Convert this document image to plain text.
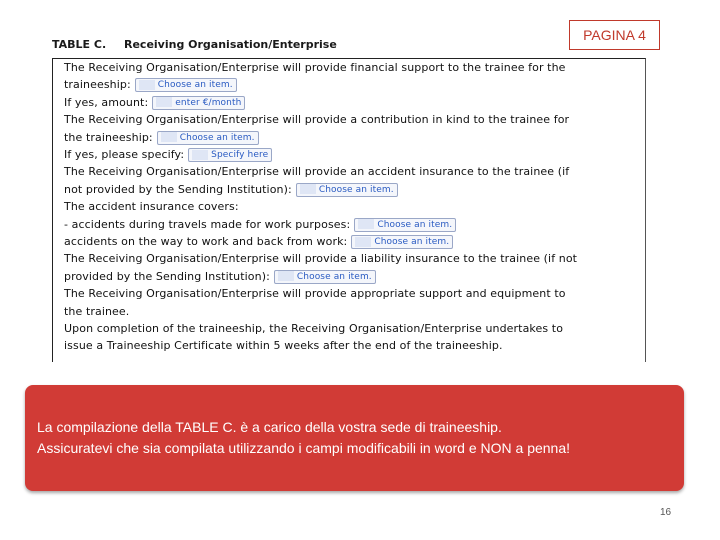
PAGINA 4
TABLE C. Receiving Organisation/Enterprise
The Receiving Organisation/Enterprise will provide financial support to the trainee for the
traineeship:	Choose an item.
If yes, amount:	enter €/month
The Receiving Organisation/Enterprise will provide a contribution in kind to the trainee for
the traineeship:	Choose an item.
If yes, please specify:	Specify here
The Receiving Organisation/Enterprise will provide an accident insurance to the trainee (if
not provided by the Sending Institution):	Choose an item.
The accident insurance covers:
- accidents during travels made for work purposes:	Choose an item.
accidents on the way to work and back from work:	Choose an item.
The Receiving Organisation/Enterprise will provide a liability insurance to the trainee (if not
provided by the Sending Institution):	Choose an item.
The Receiving Organisation/Enterprise will provide appropriate support and equipment to
the trainee.
Upon completion of the traineeship, the Receiving Organisation/Enterprise undertakes to
issue a Traineeship Certificate within 5 weeks after the end of the traineeship.

La compilazione della TABLE C. è a carico della vostra sede di traineeship.

Assicuratevi che sia compilata utilizzando i campi modificabili in word e NON a penna!

16
